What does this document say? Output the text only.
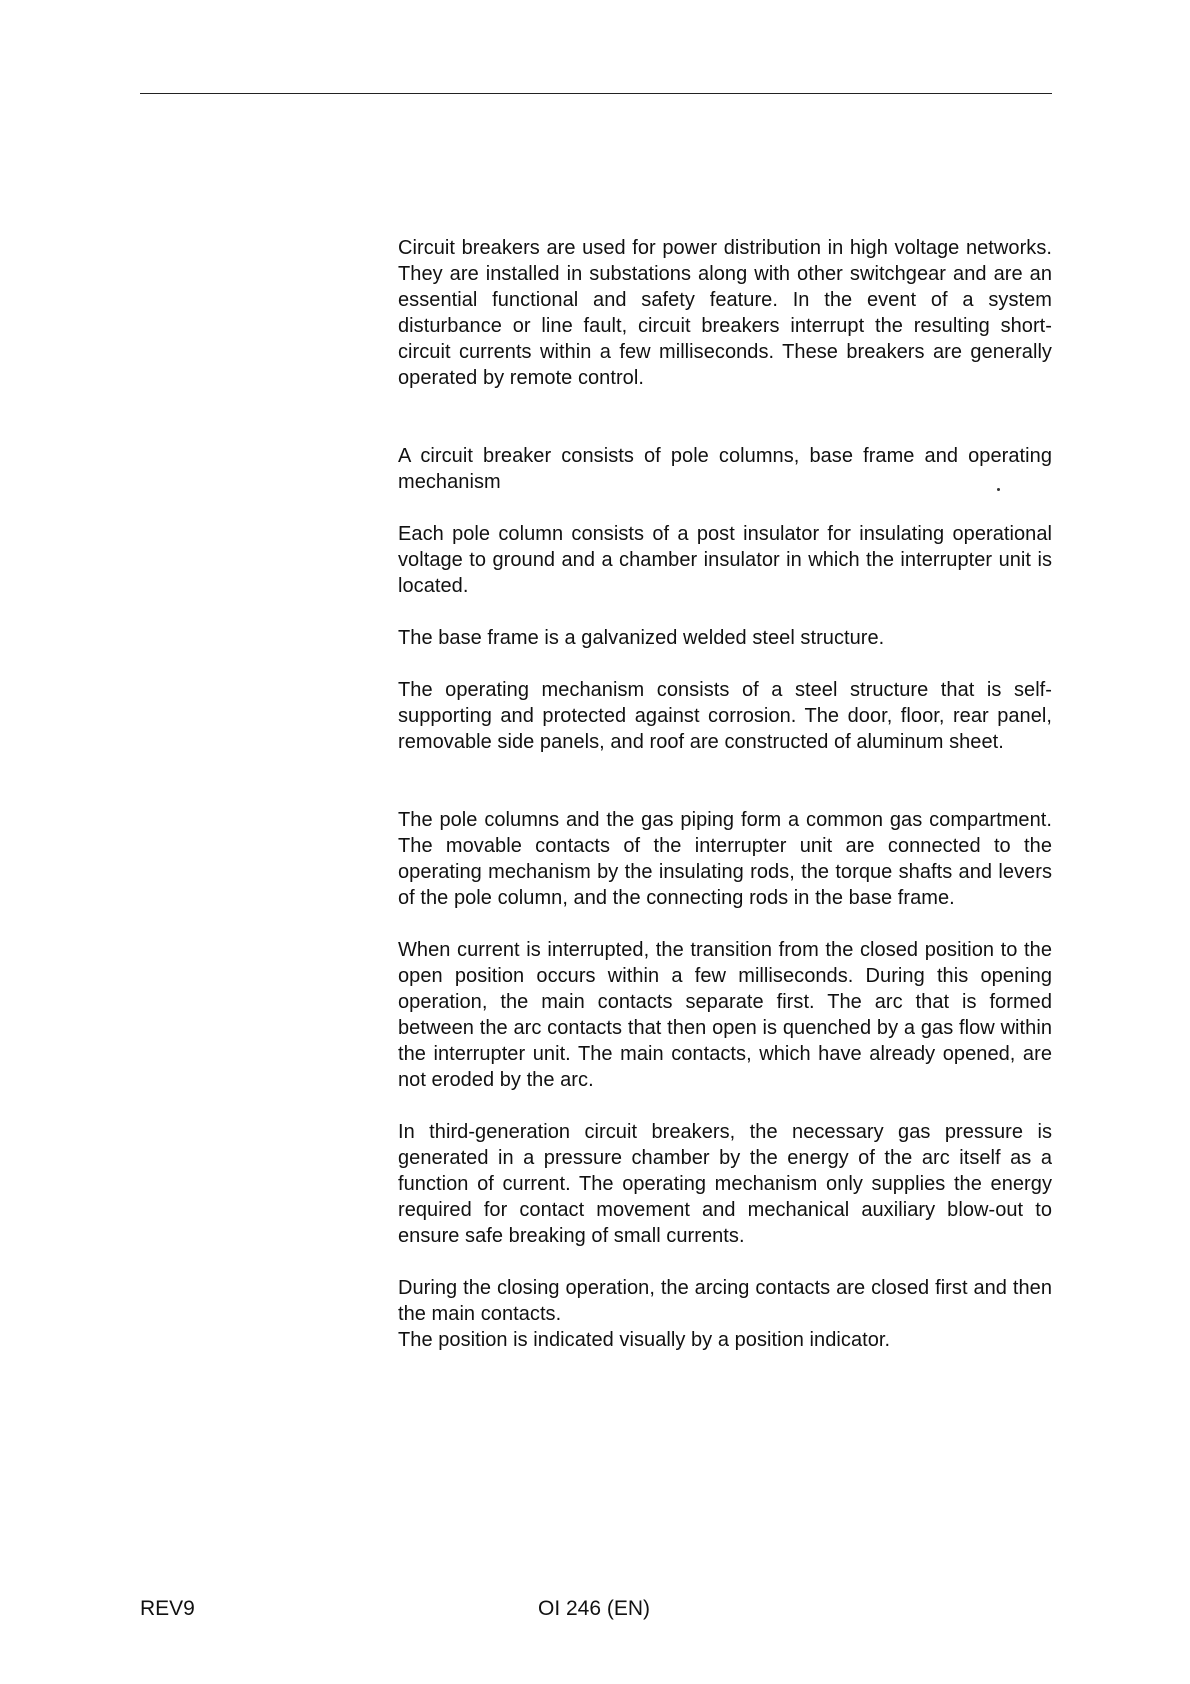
Circuit breakers are used for power distribution in high voltage networks. They are installed in substations along with other switchgear and are an essential functional and safety feature. In the event of a system disturbance or line fault, circuit breakers interrupt the resulting short-circuit currents within a few milliseconds. These breakers are generally operated by remote control.

A circuit breaker consists of pole columns, base frame and operating mechanism

Each pole column consists of a post insulator for insulating operational voltage to ground and a chamber insulator in which the interrupter unit is located.

The base frame is a galvanized welded steel structure.

The operating mechanism consists of a steel structure that is self-supporting and protected against corrosion. The door, floor, rear panel, removable side panels, and roof are constructed of aluminum sheet.

The pole columns and the gas piping form a common gas compartment. The movable contacts of the interrupter unit are connected to the operating mechanism by the insulating rods, the torque shafts and levers of the pole column, and the connecting rods in the base frame.

When current is interrupted, the transition from the closed position to the open position occurs within a few milliseconds. During this opening operation, the main contacts separate first. The arc that is formed between the arc contacts that then open is quenched by a gas flow within the interrupter unit. The main contacts, which have already opened, are not eroded by the arc.

In third-generation circuit breakers, the necessary gas pressure is generated in a pressure chamber by the energy of the arc itself as a function of current. The operating mechanism only supplies the energy required for contact movement and mechanical auxiliary blow-out to ensure safe breaking of small currents.

During the closing operation, the arcing contacts are closed first and then the main contacts.
The position is indicated visually by a position indicator.

REV9	OI 246 (EN)
